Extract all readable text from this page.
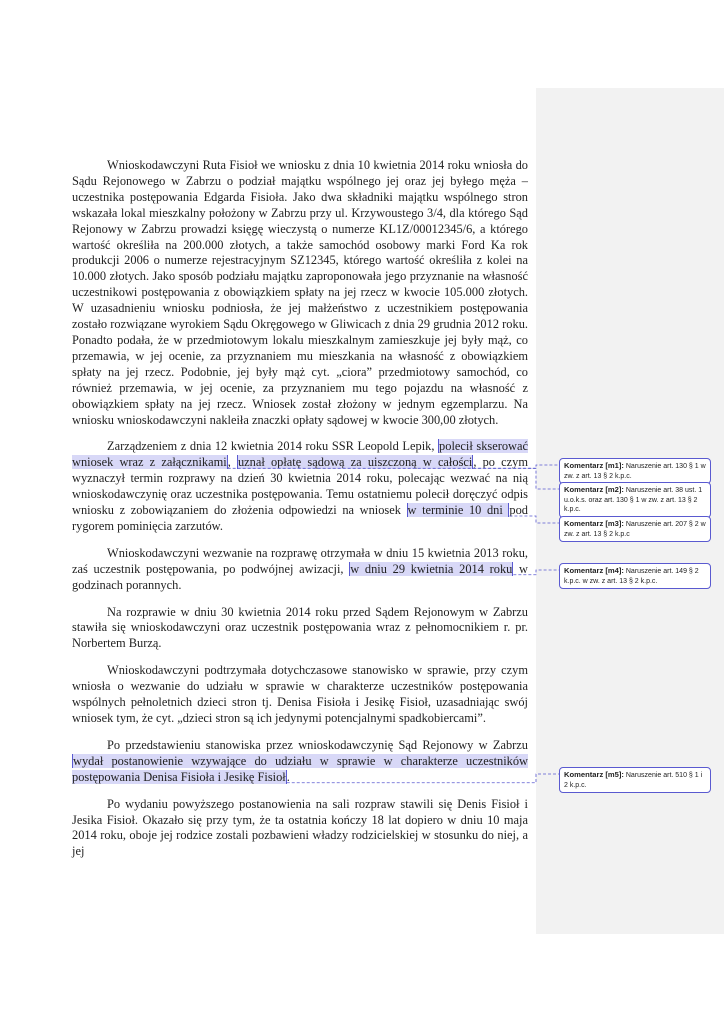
Wnioskodawczyni Ruta Fisioł we wniosku z dnia 10 kwietnia 2014 roku wniosła do Sądu Rejonowego w Zabrzu o podział majątku wspólnego jej oraz jej byłego męża – uczestnika postępowania Edgarda Fisioła. Jako dwa składniki majątku wspólnego stron wskazała lokal mieszkalny położony w Zabrzu przy ul. Krzywoustego 3/4, dla którego Sąd Rejonowy w Zabrzu prowadzi księgę wieczystą o numerze KL1Z/00012345/6, a którego wartość określiła na 200.000 złotych, a także samochód osobowy marki Ford Ka rok produkcji 2006 o numerze rejestracyjnym SZ12345, którego wartość określiła z kolei na 10.000 złotych. Jako sposób podziału majątku zaproponowała jego przyznanie na własność uczestnikowi postępowania z obowiązkiem spłaty na jej rzecz w kwocie 105.000 złotych. W uzasadnieniu wniosku podniosła, że jej małżeństwo z uczestnikiem postępowania zostało rozwiązane wyrokiem Sądu Okręgowego w Gliwicach z dnia 29 grudnia 2012 roku. Ponadto podała, że w przedmiotowym lokalu mieszkalnym zamieszkuje jej były mąż, co przemawia, w jej ocenie, za przyznaniem mu mieszkania na własność z obowiązkiem spłaty na jej rzecz. Podobnie, jej były mąż cyt. „ciora” przedmiotowy samochód, co również przemawia, w jej ocenie, za przyznaniem mu tego pojazdu na własność z obowiązkiem spłaty na jej rzecz. Wniosek został złożony w jednym egzemplarzu. Na wniosku wnioskodawczyni nakleiła znaczki opłaty sądowej w kwocie 300,00 złotych.

Zarządzeniem z dnia 12 kwietnia 2014 roku SSR Leopold Lepik, polecił skserować wniosek wraz z załącznikami, uznał opłatę sądową za uiszczoną w całości, po czym wyznaczył termin rozprawy na dzień 30 kwietnia 2014 roku, polecając wezwać na nią wnioskodawczynię oraz uczestnika postępowania. Temu ostatniemu polecił doręczyć odpis wniosku z zobowiązaniem do złożenia odpowiedzi na wniosek w terminie 10 dni pod rygorem pominięcia zarzutów.

Wnioskodawczyni wezwanie na rozprawę otrzymała w dniu 15 kwietnia 2013 roku, zaś uczestnik postępowania, po podwójnej awizacji, w dniu 29 kwietnia 2014 roku w godzinach porannych.

Na rozprawie w dniu 30 kwietnia 2014 roku przed Sądem Rejonowym w Zabrzu stawiła się wnioskodawczyni oraz uczestnik postępowania wraz z pełnomocnikiem r. pr. Norbertem Burzą.

Wnioskodawczyni podtrzymała dotychczasowe stanowisko w sprawie, przy czym wniosła o wezwanie do udziału w sprawie w charakterze uczestników postępowania wspólnych pełnoletnich dzieci stron tj. Denisa Fisioła i Jesikę Fisioł, uzasadniając swój wniosek tym, że cyt. „dzieci stron są ich jedynymi potencjalnymi spadkobiercami”.

Po przedstawieniu stanowiska przez wnioskodawczynię Sąd Rejonowy w Zabrzu wydał postanowienie wzywające do udziału w sprawie w charakterze uczestników postępowania Denisa Fisioła i Jesikę Fisioł.

Po wydaniu powyższego postanowienia na sali rozpraw stawili się Denis Fisioł i Jesika Fisioł. Okazało się przy tym, że ta ostatnia kończy 18 lat dopiero w dniu 10 maja 2014 roku, oboje jej rodzice zostali pozbawieni władzy rodzicielskiej w stosunku do niej, a jej

Komentarz [m1]: Naruszenie art. 130 § 1 w zw. z art. 13 § 2 k.p.c.
Komentarz [m2]: Naruszenie art. 38 ust. 1 u.o.k.s. oraz art. 130 § 1 w zw. z art. 13 § 2 k.p.c.
Komentarz [m3]: Naruszenie art. 207 § 2 w zw. z art. 13 § 2 k.p.c
Komentarz [m4]: Naruszenie art. 149 § 2 k.p.c. w zw. z art. 13 § 2 k.p.c.
Komentarz [m5]: Naruszenie art. 510 § 1 i 2 k.p.c.
